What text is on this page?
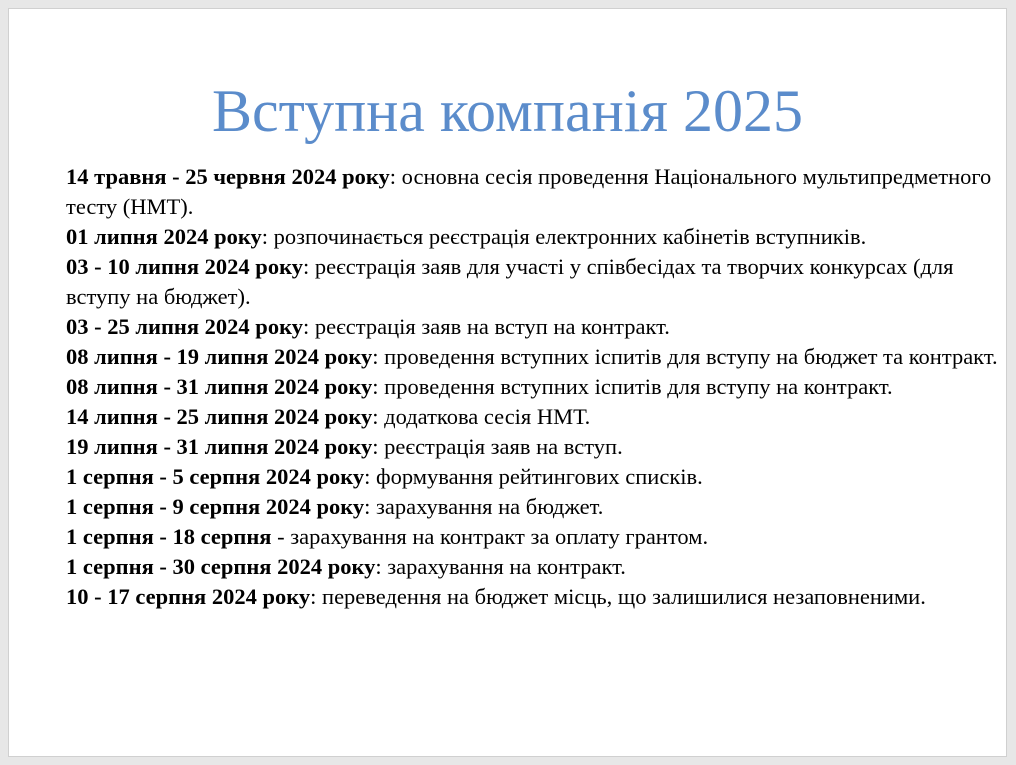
Вступна компанія 2025

14 травня - 25 червня 2024 року: основна сесія проведення Національного мультипредметного тесту (НМТ).

01 липня 2024 року: розпочинається реєстрація електронних кабінетів вступників.

03 - 10 липня 2024 року: реєстрація заяв для участі у співбесідах та творчих конкурсах (для вступу на бюджет).

03 - 25 липня 2024 року: реєстрація заяв на вступ на контракт.

08 липня - 19 липня 2024 року: проведення вступних іспитів для вступу на бюджет та контракт.

08 липня - 31 липня 2024 року: проведення вступних іспитів для вступу на контракт.

14 липня - 25 липня 2024 року: додаткова сесія НМТ.

19 липня - 31 липня 2024 року: реєстрація заяв на вступ.

1 серпня - 5 серпня 2024 року: формування рейтингових списків.

1 серпня - 9 серпня 2024 року: зарахування на бюджет.

1 серпня - 18 серпня - зарахування на контракт за оплату грантом.

1 серпня - 30 серпня 2024 року: зарахування на контракт.

10 - 17 серпня 2024 року: переведення на бюджет місць, що залишилися незаповненими.
